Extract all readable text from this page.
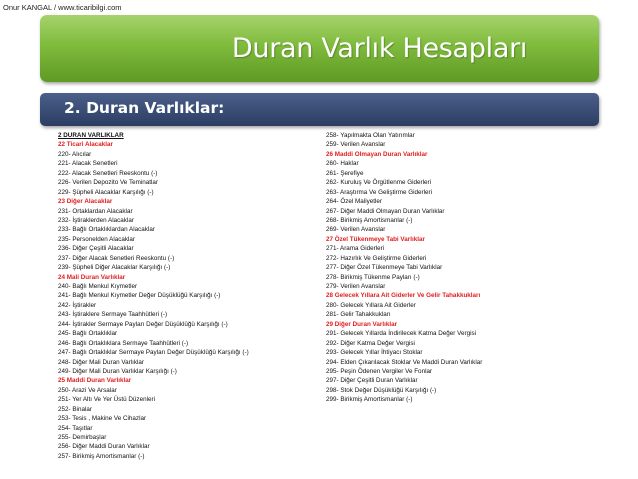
Onur KANGAL / www.ticaribilgi.com
Duran Varlık Hesapları
2. Duran Varlıklar:
2 DURAN VARLIKLAR
22 Ticari Alacaklar
220- Alıcılar
221- Alacak Senetleri
222- Alacak Senetleri Reeskontu (-)
226- Verilen Depozito Ve Teminatlar
229- Şüpheli Alacaklar Karşılığı (-)
23 Diğer Alacaklar
231- Ortaklardan Alacaklar
232- İştiraklerden Alacaklar
233- Bağlı Ortaklıklardan Alacaklar
235- Personelden Alacaklar
236- Diğer Çeşitli Alacaklar
237- Diğer Alacak Senetleri Reeskontu (-)
239- Şüpheli Diğer Alacaklar Karşılığı (-)
24 Mali Duran Varlıklar
240- Bağlı Menkul Kıymetler
241- Bağlı Menkul Kıymetler Değer Düşüklüğü Karşılığı (-)
242- İştirakler
243- İştiraklere Sermaye Taahhütleri (-)
244- İştirakler Sermaye Payları Değer Düşüklüğü Karşılığı (-)
245- Bağlı Ortaklıklar
246- Bağlı Ortaklıklara Sermaye Taahhütleri (-)
247- Bağlı Ortaklıklar Sermaye Payları Değer Düşüklüğü Karşılığı (-)
248- Diğer Mali Duran Varlıklar
249- Diğer Mali Duran Varlıklar Karşılığı (-)
25 Maddi Duran Varlıklar
250- Arazi Ve Arsalar
251- Yer Altı Ve Yer Üstü Düzenleri
252- Binalar
253- Tesis , Makine Ve Cihazlar
254- Taşıtlar
255- Demirbaşlar
256- Diğer Maddi Duran Varlıklar
257- Birikmiş Amortismanlar (-)
258- Yapılmakta Olan Yatırımlar
259- Verilen Avanslar
26 Maddi Olmayan Duran Varlıklar
260- Haklar
261- Şerefiye
262- Kuruluş Ve Örgütlenme Giderleri
263- Araştırma Ve Geliştirme Giderleri
264- Özel Maliyetler
267- Diğer Maddi Olmayan Duran Varlıklar
268- Birikmiş Amortismanlar (-)
269- Verilen Avanslar
27 Özel Tükenmeye Tabi Varlıklar
271- Arama Giderleri
272- Hazırlık Ve Geliştirme Giderleri
277- Diğer Özel Tükenmeye Tabi Varlıklar
278- Birikmiş Tükenme Payları (-)
279- Verilen Avanslar
28 Gelecek Yıllara Ait Giderler Ve Gelir Tahakkukları
280- Gelecek Yıllara Ait Giderler
281- Gelir Tahakkukları
29 Diğer Duran Varlıklar
291- Gelecek Yıllarda İndirilecek Katma Değer Vergisi
292- Diğer Katma Değer Vergisi
293- Gelecek Yıllar İhtiyacı Stoklar
294- Elden Çıkarılacak Stoklar Ve Maddi Duran Varlıklar
295- Peşin Ödenen Vergiler Ve Fonlar
297- Diğer Çeşitli Duran Varlıklar
298- Stok Değer Düşüklüğü Karşılığı (-)
299- Birikmiş Amortismanlar (-)
